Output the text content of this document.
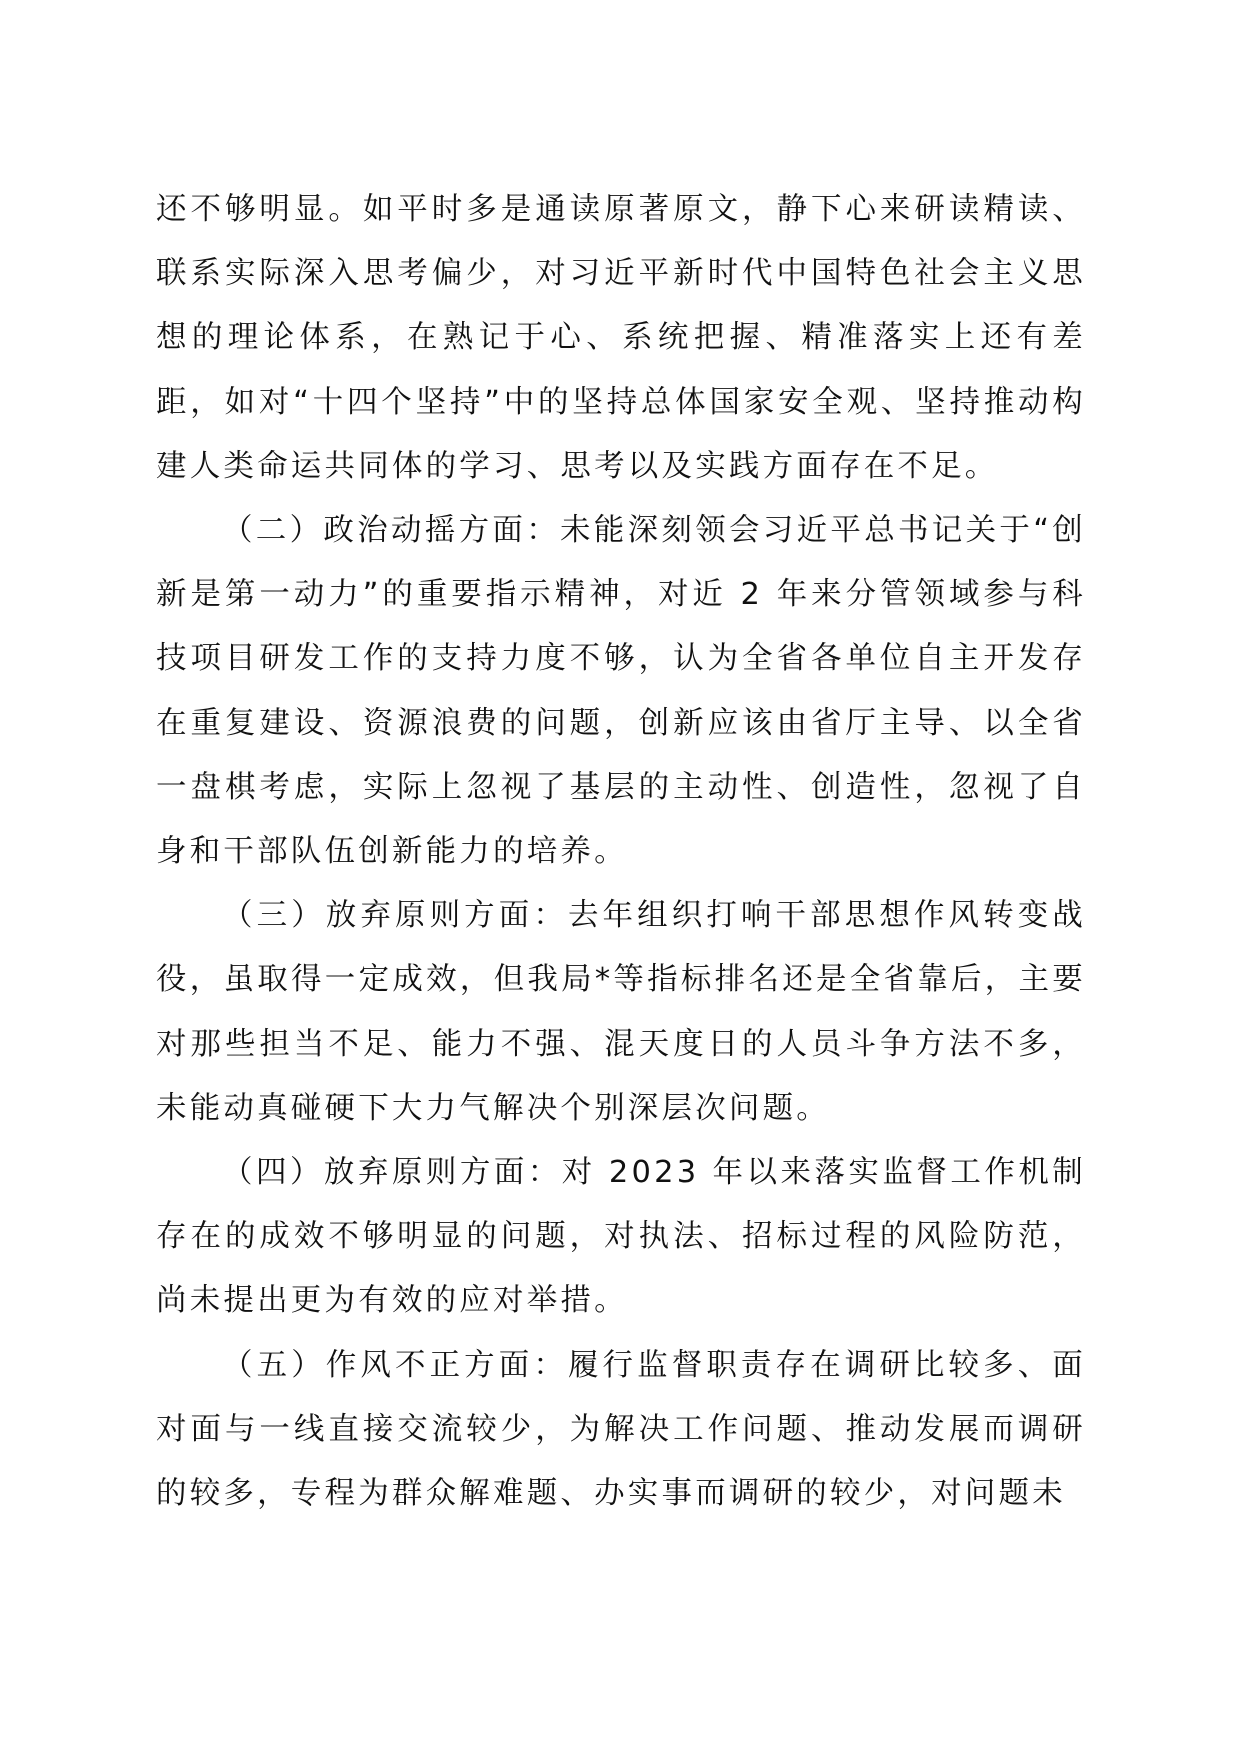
还不够明显。如平时多是通读原著原文，静下心来研读精读、联系实际深入思考偏少，对习近平新时代中国特色社会主义思想的理论体系，在熟记于心、系统把握、精准落实上还有差距，如对“十四个坚持”中的坚持总体国家安全观、坚持推动构建人类命运共同体的学习、思考以及实践方面存在不足。

（二）政治动摇方面：未能深刻领会习近平总书记关于“创新是第一动力”的重要指示精神，对近 2 年来分管领域参与科技项目研发工作的支持力度不够，认为全省各单位自主开发存在重复建设、资源浪费的问题，创新应该由省厅主导、以全省一盘棋考虑，实际上忽视了基层的主动性、创造性，忽视了自身和干部队伍创新能力的培养。

（三）放弃原则方面：去年组织打响干部思想作风转变战役，虽取得一定成效，但我局*等指标排名还是全省靠后，主要对那些担当不足、能力不强、混天度日的人员斗争方法不多，未能动真碰硬下大力气解决个别深层次问题。

（四）放弃原则方面：对 2023 年以来落实监督工作机制存在的成效不够明显的问题，对执法、招标过程的风险防范，尚未提出更为有效的应对举措。

（五）作风不正方面：履行监督职责存在调研比较多、面对面与一线直接交流较少，为解决工作问题、推动发展而调研的较多，专程为群众解难题、办实事而调研的较少，对问题未
